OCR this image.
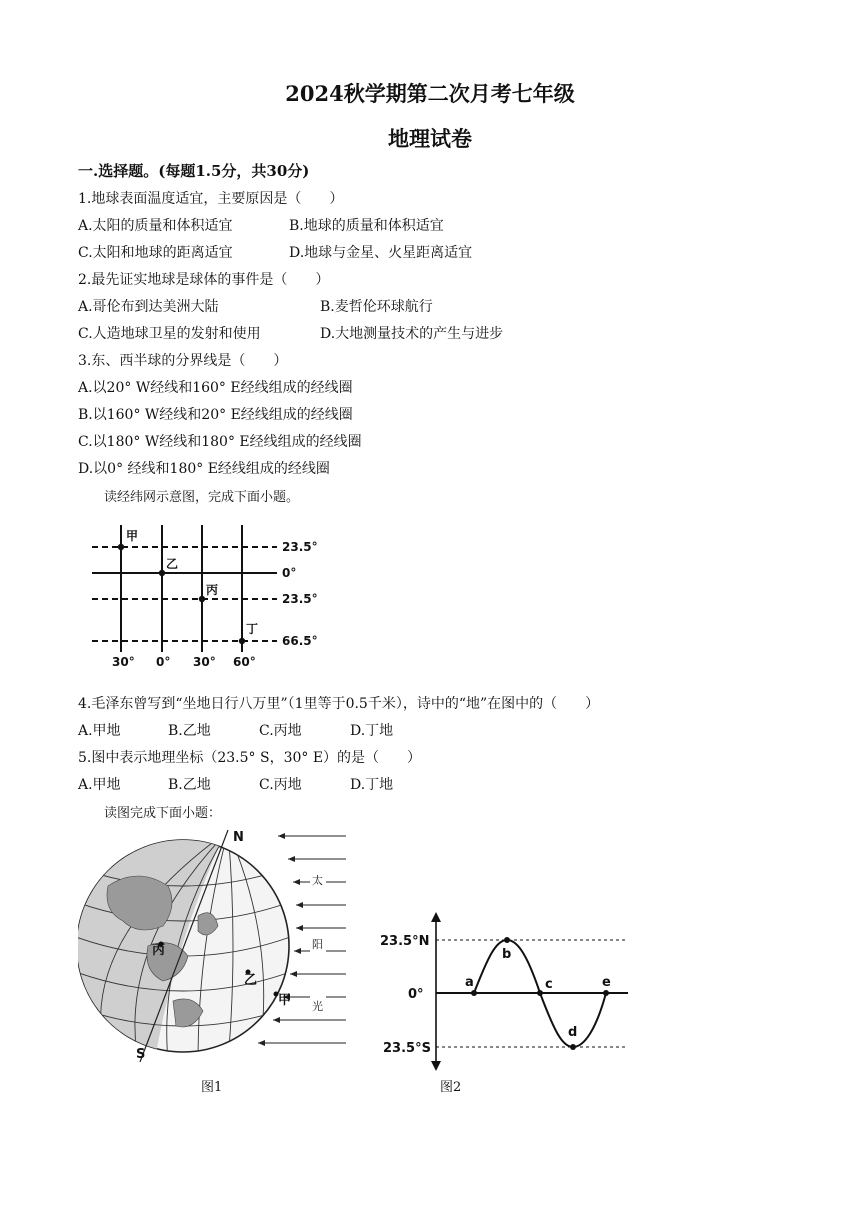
2024秋学期第二次月考七年级
地理试卷
一.选择题。(每题1.5分，共30分)
1.地球表面温度适宜，主要原因是（　　）
A.太阳的质量和体积适宜	B.地球的质量和体积适宜
C.太阳和地球的距离适宜	D.地球与金星、火星距离适宜
2.最先证实地球是球体的事件是（　　）
A.哥伦布到达美洲大陆	B.麦哲伦环球航行
C.人造地球卫星的发射和使用	D.大地测量技术的产生与进步
3.东、西半球的分界线是（　　）
A.以20° W经线和160° E经线组成的经线圈
B.以160° W经线和20° E经线组成的经线圈
C.以180° W经线和180° E经线组成的经线圈
D.以0° 经线和180° E经线组成的经线圈
读经纬网示意图，完成下面小题。
甲
乙
丙
丁
23.5°
0°
23.5°
66.5°
30° 0° 30° 60°
4.毛泽东曾写到“坐地日行八万里”（1里等于0.5千米），诗中的“地”在图中的（　　）
A.甲地	B.乙地	C.丙地	D.丁地
5.图中表示地理坐标（23.5° S，30° E）的是（　　）
A.甲地	B.乙地	C.丙地	D.丁地
读图完成下面小题：
太
阳
光
N
S
丙
乙
甲
图1
23.5°N
0°
23.5°S
a
b
c
d
e
图2
